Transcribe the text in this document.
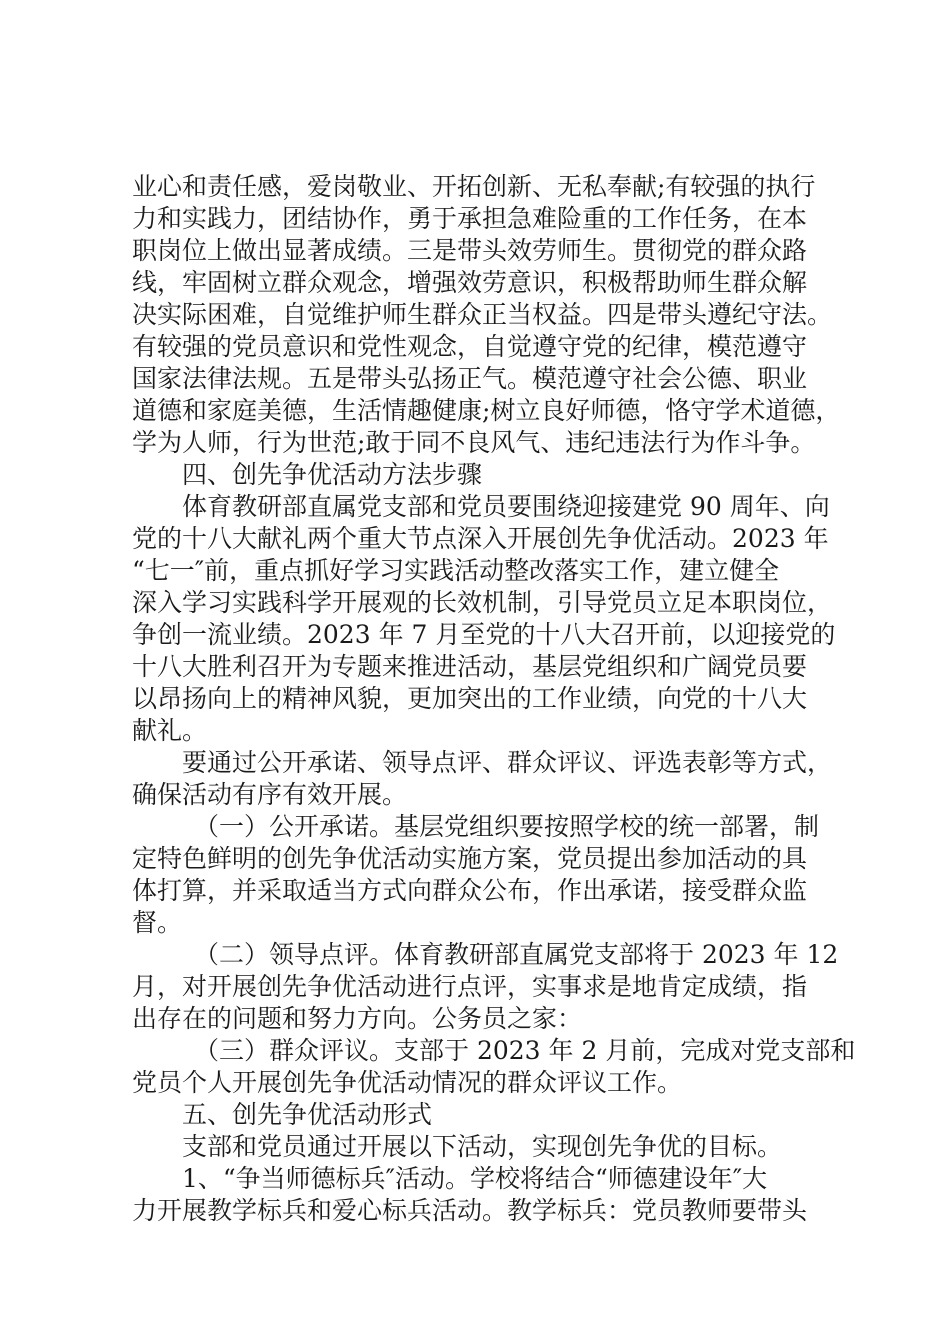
业心和责任感，爱岗敬业、开拓创新、无私奉献;有较强的执行
力和实践力，团结协作，勇于承担急难险重的工作任务，在本
职岗位上做出显著成绩。三是带头效劳师生。贯彻党的群众路
线，牢固树立群众观念，增强效劳意识，积极帮助师生群众解
决实际困难，自觉维护师生群众正当权益。四是带头遵纪守法。
有较强的党员意识和党性观念，自觉遵守党的纪律，模范遵守
国家法律法规。五是带头弘扬正气。模范遵守社会公德、职业
道德和家庭美德，生活情趣健康;树立良好师德，恪守学术道德，
学为人师，行为世范;敢于同不良风气、违纪违法行为作斗争。

四、创先争优活动方法步骤

体育教研部直属党支部和党员要围绕迎接建党 90 周年、向
党的十八大献礼两个重大节点深入开展创先争优活动。2023 年
“七一″前，重点抓好学习实践活动整改落实工作，建立健全
深入学习实践科学开展观的长效机制，引导党员立足本职岗位，
争创一流业绩。2023 年 7 月至党的十八大召开前，以迎接党的
十八大胜利召开为专题来推进活动，基层党组织和广阔党员要
以昂扬向上的精神风貌，更加突出的工作业绩，向党的十八大
献礼。

要通过公开承诺、领导点评、群众评议、评选表彰等方式，
确保活动有序有效开展。

（一）公开承诺。基层党组织要按照学校的统一部署，制
定特色鲜明的创先争优活动实施方案，党员提出参加活动的具
体打算，并采取适当方式向群众公布，作出承诺，接受群众监
督。

（二）领导点评。体育教研部直属党支部将于 2023 年 12
月，对开展创先争优活动进行点评，实事求是地肯定成绩，指
出存在的问题和努力方向。公务员之家：

（三）群众评议。支部于 2023 年 2 月前，完成对党支部和
党员个人开展创先争优活动情况的群众评议工作。

五、创先争优活动形式

支部和党员通过开展以下活动，实现创先争优的目标。

1、“争当师德标兵″活动。学校将结合“师德建设年″大
力开展教学标兵和爱心标兵活动。教学标兵：党员教师要带头
